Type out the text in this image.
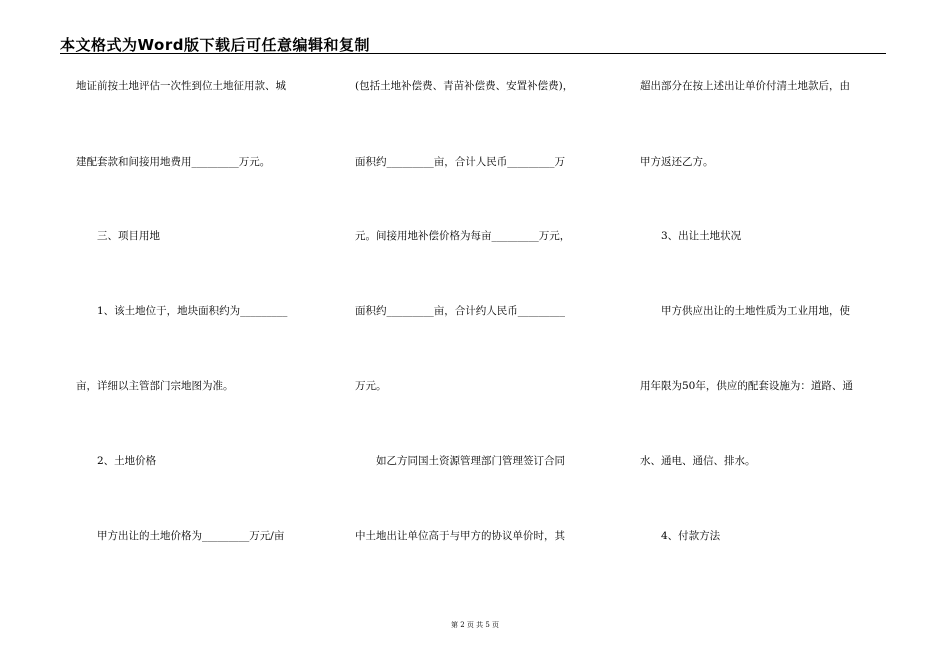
本文格式为Word版下载后可任意编辑和复制
地证前按土地评估一次性到位土地征用款、城
建配套款和间接用地费用_________万元。
　　三、项目用地
　　1、该土地位于，地块面积约为_________
亩，详细以主管部门宗地图为准。
　　2、土地价格
　　甲方出让的土地价格为_________万元/亩
(包括土地补偿费、青苗补偿费、安置补偿费)，
面积约_________亩，合计人民币_________万
元。间接用地补偿价格为每亩_________万元，
面积约_________亩，合计约人民币_________
万元。
　　如乙方同国土资源管理部门管理签订合同
中土地出让单位高于与甲方的协议单价时，其
超出部分在按上述出让单价付清土地款后，由
甲方返还乙方。
　　3、出让土地状况
　　甲方供应出让的土地性质为工业用地，使
用年限为50年，供应的配套设施为：道路、通
水、通电、通信、排水。
　　4、付款方法
第 2 页 共 5 页
